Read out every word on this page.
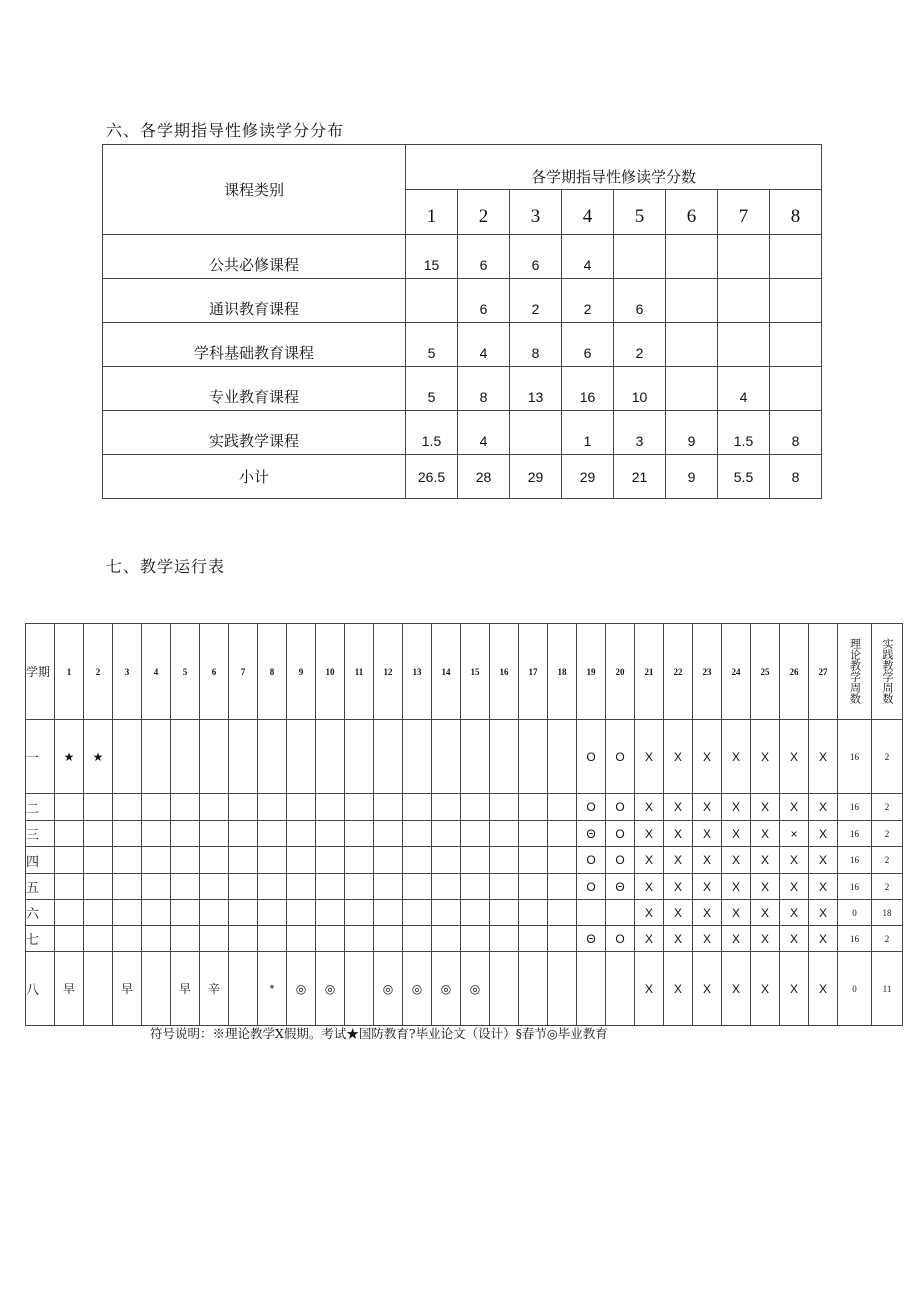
六、各学期指导性修读学分分布
课程类别	各学期指导性修读学分数							
	1	2	3	4	5	6	7	8
公共必修课程	15	6	6	4				
通识教育课程		6	2	2	6			
学科基础教育课程	5	4	8	6	2			
专业教育课程	5	8	13	16	10		4	
实践教学课程	1.5	4		1	3	9	1.5	8
小计	26.5	28	29	29	21	9	5.5	8
七、教学运行表
学期	1	2	3	4	5	6	7	8	9	10	11	12	13	14	15	16	17	18	19	20	21	22	23	24	25	26	27	理论教学周数	实践教学周数
一	★	★																	O	O	X	X	X	X	X	X	X	16	2
二																			O	O	X	X	X	X	X	X	X	16	2
三																			Θ	O	X	X	X	X	X	×	X	16	2
四																			O	O	X	X	X	X	X	X	X	16	2
五																			O	Θ	X	X	X	X	X	X	X	16	2
六																					X	X	X	X	X	X	X	0	18
七																			Θ	O	X	X	X	X	X	X	X	16	2
八	早		早		早	辛		*	◎	◎		◎	◎	◎	◎						X	X	X	X	X	X	X	0	11
符号说明：※理论教学X假期。考试★国防教育?毕业论文（设计）§春节◎毕业教育
